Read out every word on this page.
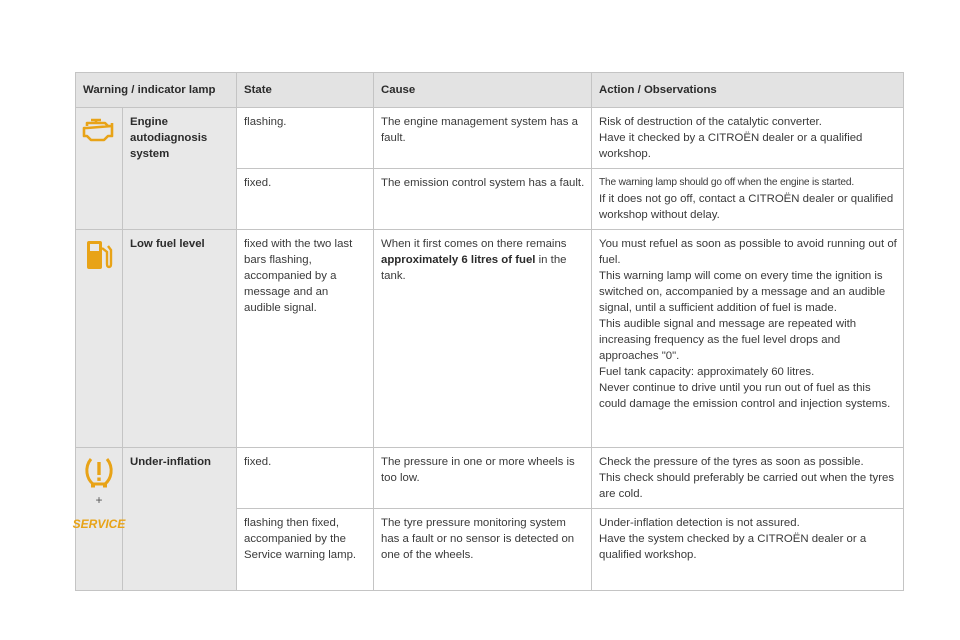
Warning / indicator lamp		State	Cause	Action / Observations

	Engine autodiagnosis system	flashing.	The engine management system has a fault.	Risk of destruction of the catalytic converter.
Have it checked by a CITROËN dealer or a qualified workshop.

		fixed.	The emission control system has a fault.	The warning lamp should go off when the engine is started.
If it does not go off, contact a CITROËN dealer or qualified workshop without delay.

	Low fuel level	fixed with the two last bars flashing, accompanied by a message and an audible signal.	When it first comes on there remains approximately 6 litres of fuel in the tank.	You must refuel as soon as possible to avoid running out of fuel.
This warning lamp will come on every time the ignition is switched on, accompanied by a message and an audible signal, until a sufficient addition of fuel is made.
This audible signal and message are repeated with increasing frequency as the fuel level drops and approaches "0".
Fuel tank capacity: approximately 60 litres.
Never continue to drive until you run out of fuel as this could damage the emission control and injection systems.

+
SERVICE	Under-inflation	fixed.	The pressure in one or more wheels is too low.	Check the pressure of the tyres as soon as possible.
This check should preferably be carried out when the tyres are cold.

		flashing then fixed, accompanied by the Service warning lamp.	The tyre pressure monitoring system has a fault or no sensor is detected on one of the wheels.	Under-inflation detection is not assured.
Have the system checked by a CITROËN dealer or a qualified workshop.
